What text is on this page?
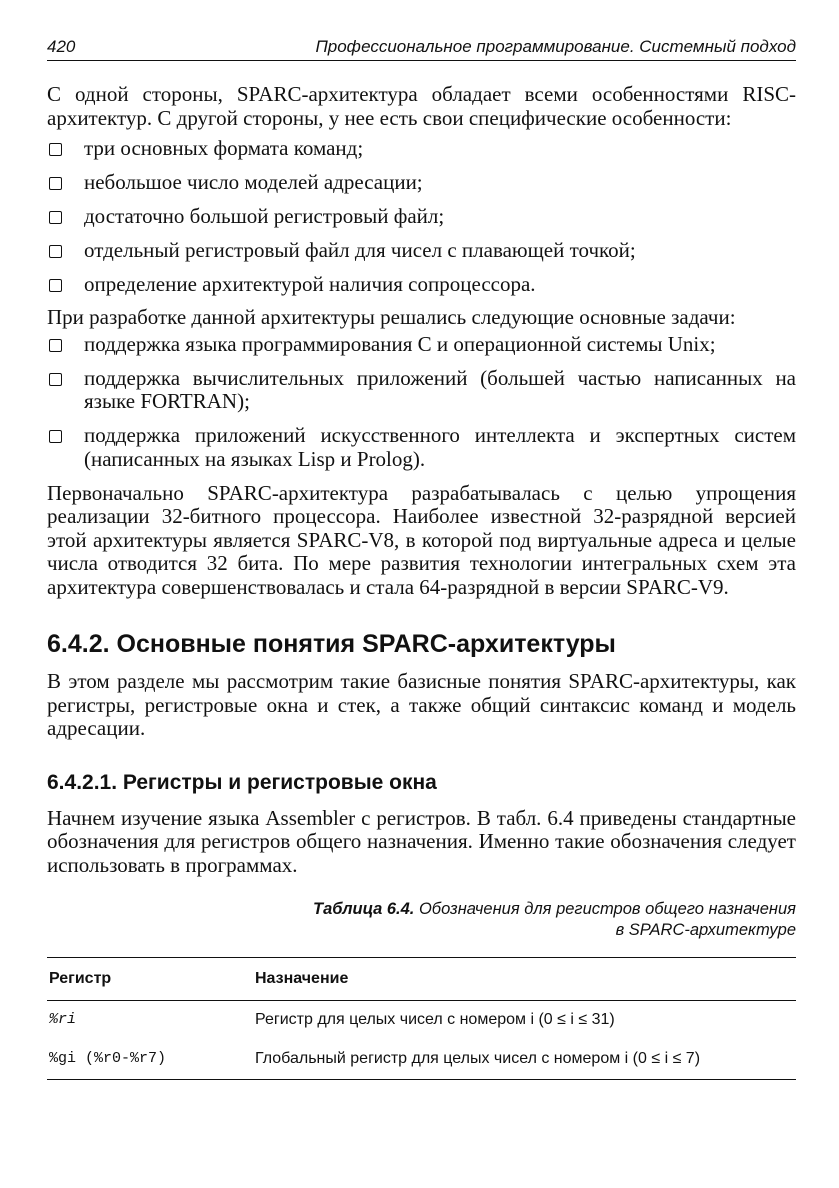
420	Профессиональное программирование. Системный подход

С одной стороны, SPARC-архитектура обладает всеми особенностями RISC-архитектур. С другой стороны, у нее есть свои специфические особенности:

три основных формата команд;
небольшое число моделей адресации;
достаточно большой регистровый файл;
отдельный регистровый файл для чисел с плавающей точкой;
определение архитектурой наличия сопроцессора.

При разработке данной архитектуры решались следующие основные задачи:

поддержка языка программирования C и операционной системы Unix;
поддержка вычислительных приложений (большей частью написанных на языке FORTRAN);
поддержка приложений искусственного интеллекта и экспертных систем (написанных на языках Lisp и Prolog).

Первоначально SPARC-архитектура разрабатывалась с целью упрощения реализации 32-битного процессора. Наиболее известной 32-разрядной версией этой архитектуры является SPARC-V8, в которой под виртуальные адреса и целые числа отводится 32 бита. По мере развития технологии интегральных схем эта архитектура совершенствовалась и стала 64-разрядной в версии SPARC-V9.

6.4.2. Основные понятия SPARC-архитектуры

В этом разделе мы рассмотрим такие базисные понятия SPARC-архитектуры, как регистры, регистровые окна и стек, а также общий синтаксис команд и модель адресации.

6.4.2.1. Регистры и регистровые окна

Начнем изучение языка Assembler с регистров. В табл. 6.4 приведены стандартные обозначения для регистров общего назначения. Именно такие обозначения следует использовать в программах.

Таблица 6.4. Обозначения для регистров общего назначения
в SPARC-архитектуре
Регистр	Назначение
%ri	Регистр для целых чисел с номером i (0 ≤ i ≤ 31)
%gi (%r0-%r7)	Глобальный регистр для целых чисел с номером i (0 ≤ i ≤ 7)
